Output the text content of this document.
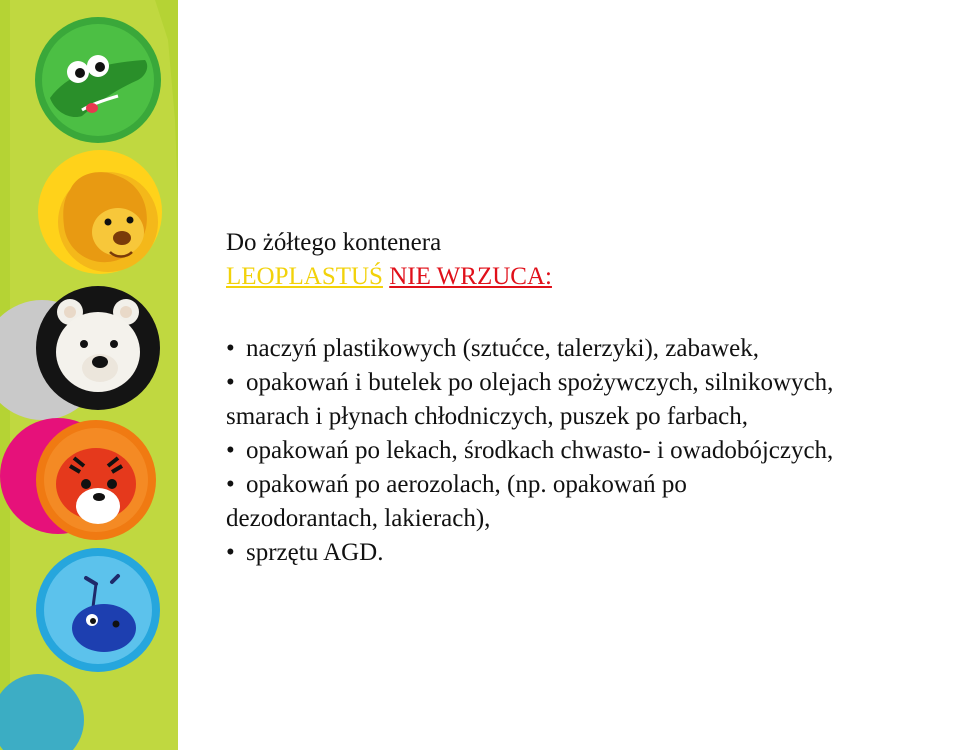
Do żółtego kontenera

LEOPLASTUŚ NIE WRZUCA:

• naczyń plastikowych (sztućce, talerzyki), zabawek,
• opakowań i butelek po olejach spożywczych, silnikowych,
smarach i płynach chłodniczych, puszek po farbach,
• opakowań po lekach, środkach chwasto- i owadobójczych,
• opakowań po aerozolach, (np. opakowań po
dezodorantach, lakierach),
• sprzętu AGD.
